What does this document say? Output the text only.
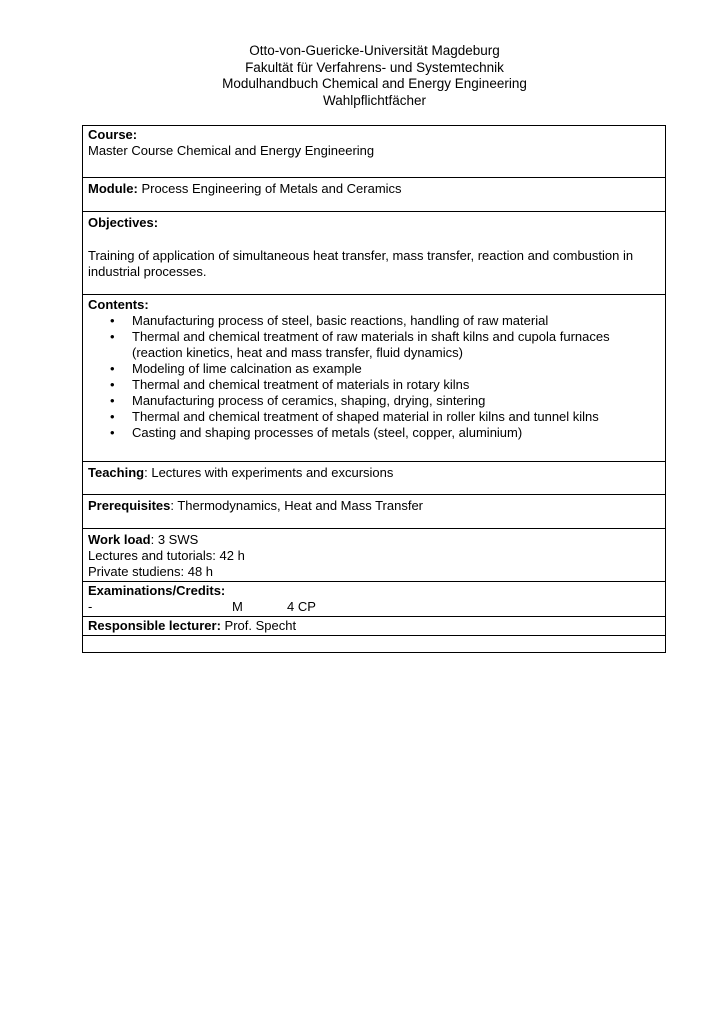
Otto-von-Guericke-Universität Magdeburg
Fakultät für Verfahrens- und Systemtechnik
Modulhandbuch Chemical and Energy Engineering
Wahlpflichtfächer

Course:

Master Course Chemical and Energy Engineering

Module: Process Engineering of Metals and Ceramics

Objectives:

Training of application of simultaneous heat transfer, mass transfer, reaction and combustion in industrial processes.

Contents:

• Manufacturing process of steel, basic reactions, handling of raw material
• Thermal and chemical treatment of raw materials in shaft kilns and cupola furnaces (reaction kinetics, heat and mass transfer, fluid dynamics)
• Modeling of lime calcination as example
• Thermal and chemical treatment of materials in rotary kilns
• Manufacturing process of ceramics, shaping, drying, sintering
• Thermal and chemical treatment of shaped material in roller kilns and tunnel kilns
• Casting and shaping processes of metals (steel, copper, aluminium)

Teaching: Lectures with experiments and excursions

Prerequisites: Thermodynamics, Heat and Mass Transfer

Work load: 3 SWS

Lectures and tutorials: 42 h

Private studiens: 48 h

Examinations/Credits:

-	M	4 CP

Responsible lecturer: Prof. Specht
